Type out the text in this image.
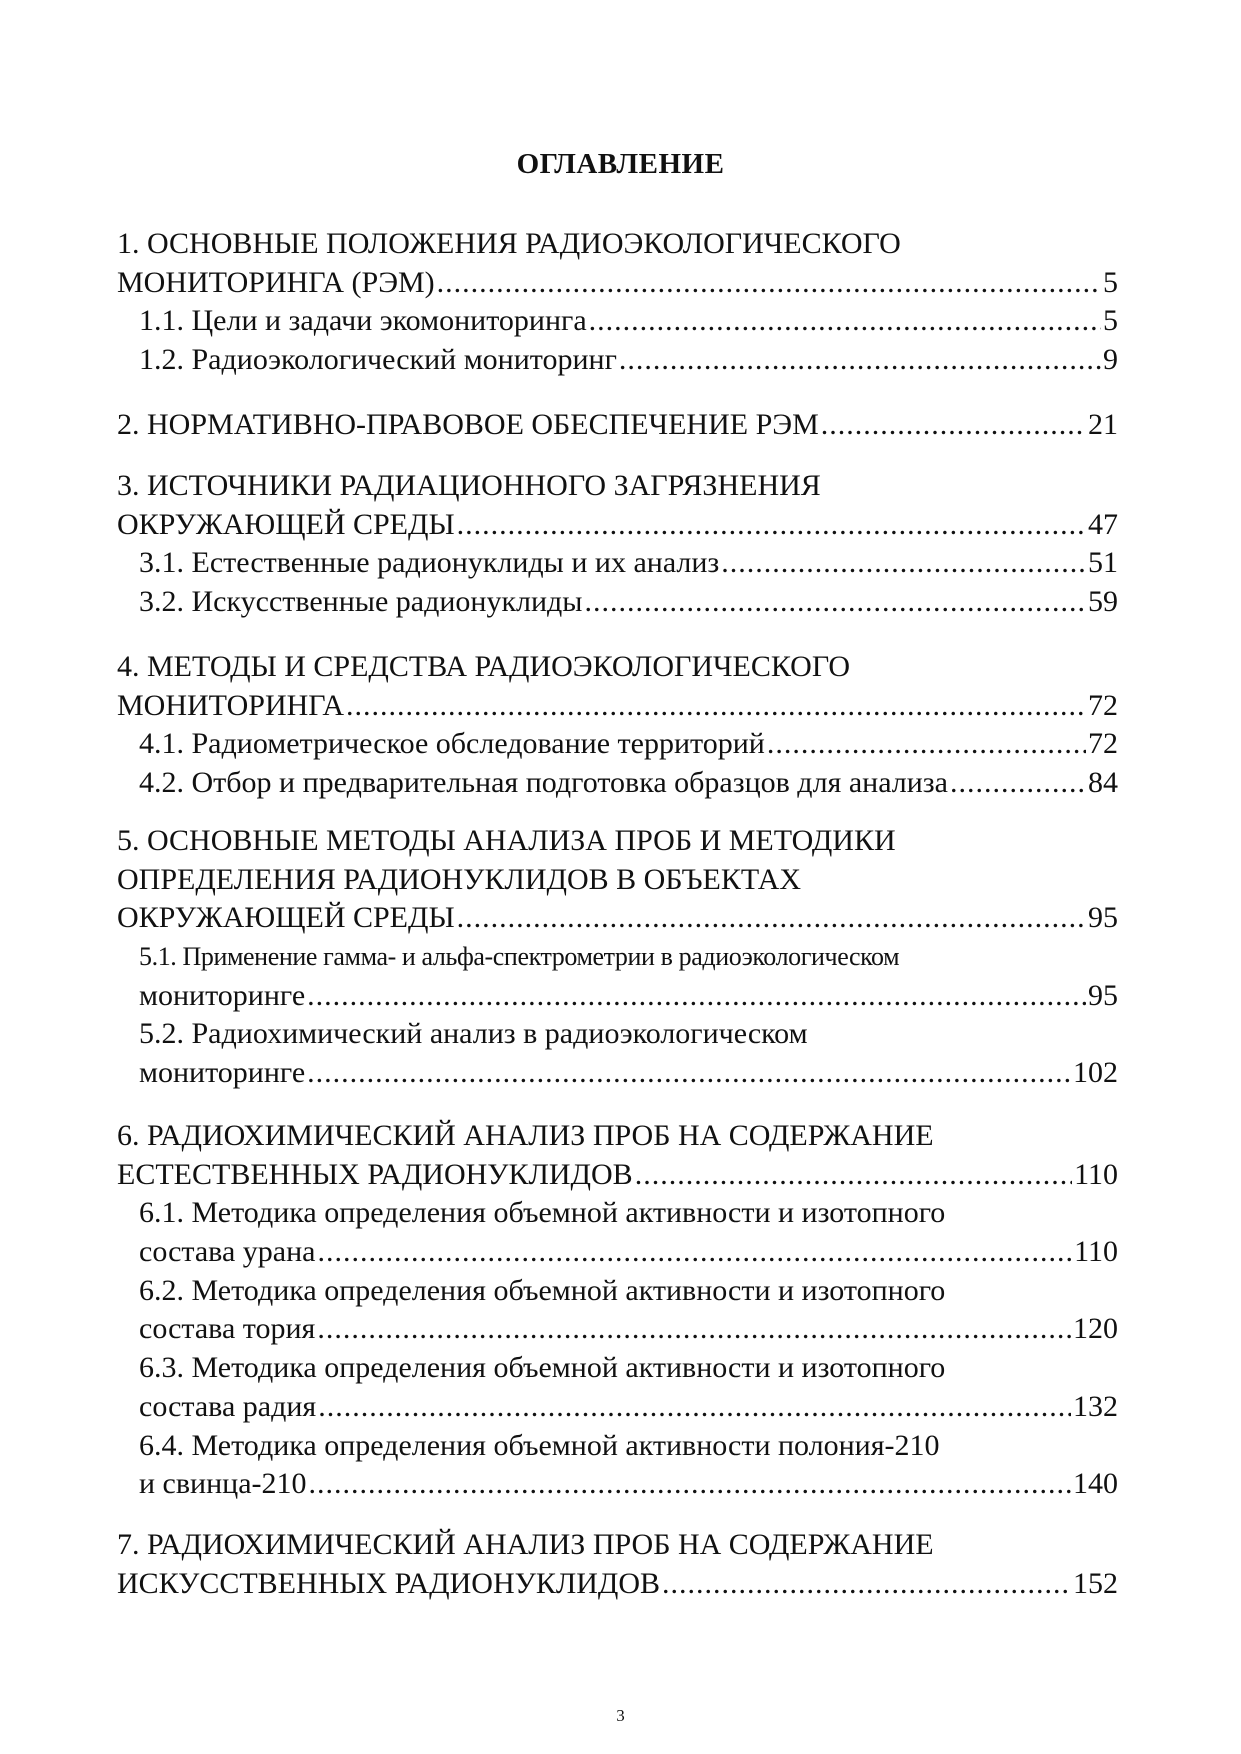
ОГЛАВЛЕНИЕ
1. ОСНОВНЫЕ ПОЛОЖЕНИЯ РАДИОЭКОЛОГИЧЕСКОГО
МОНИТОРИНГА (РЭМ) .....	5
1.1. Цели и задачи экомониторинга .....	5
1.2. Радиоэкологический мониторинг .....	9
2. НОРМАТИВНО-ПРАВОВОЕ ОБЕСПЕЧЕНИЕ РЭМ .....	21
3. ИСТОЧНИКИ РАДИАЦИОННОГО ЗАГРЯЗНЕНИЯ
ОКРУЖАЮЩЕЙ СРЕДЫ .....	47
3.1. Естественные радионуклиды и их анализ .....	51
3.2. Искусственные радионуклиды .....	59
4. МЕТОДЫ И СРЕДСТВА РАДИОЭКОЛОГИЧЕСКОГО
МОНИТОРИНГА .....	72
4.1. Радиометрическое обследование территорий .....	72
4.2. Отбор и предварительная подготовка образцов для анализа .....	84
5. ОСНОВНЫЕ МЕТОДЫ АНАЛИЗА ПРОБ И МЕТОДИКИ
ОПРЕДЕЛЕНИЯ РАДИОНУКЛИДОВ В ОБЪЕКТАХ
ОКРУЖАЮЩЕЙ СРЕДЫ .....	95
5.1. Применение гамма- и альфа-спектрометрии в радиоэкологическом
мониторинге .....	95
5.2. Радиохимический анализ в радиоэкологическом
мониторинге .....	102
6. РАДИОХИМИЧЕСКИЙ АНАЛИЗ ПРОБ НА СОДЕРЖАНИЕ
ЕСТЕСТВЕННЫХ РАДИОНУКЛИДОВ .....	110
6.1. Методика определения объемной активности и изотопного
состава урана .....	110
6.2. Методика определения объемной активности и изотопного
состава тория .....	120
6.3. Методика определения объемной активности и изотопного
состава радия .....	132
6.4. Методика определения объемной активности полония-210
и свинца-210 .....	140
7. РАДИОХИМИЧЕСКИЙ АНАЛИЗ ПРОБ НА СОДЕРЖАНИЕ
ИСКУССТВЕННЫХ РАДИОНУКЛИДОВ .....	152
3
